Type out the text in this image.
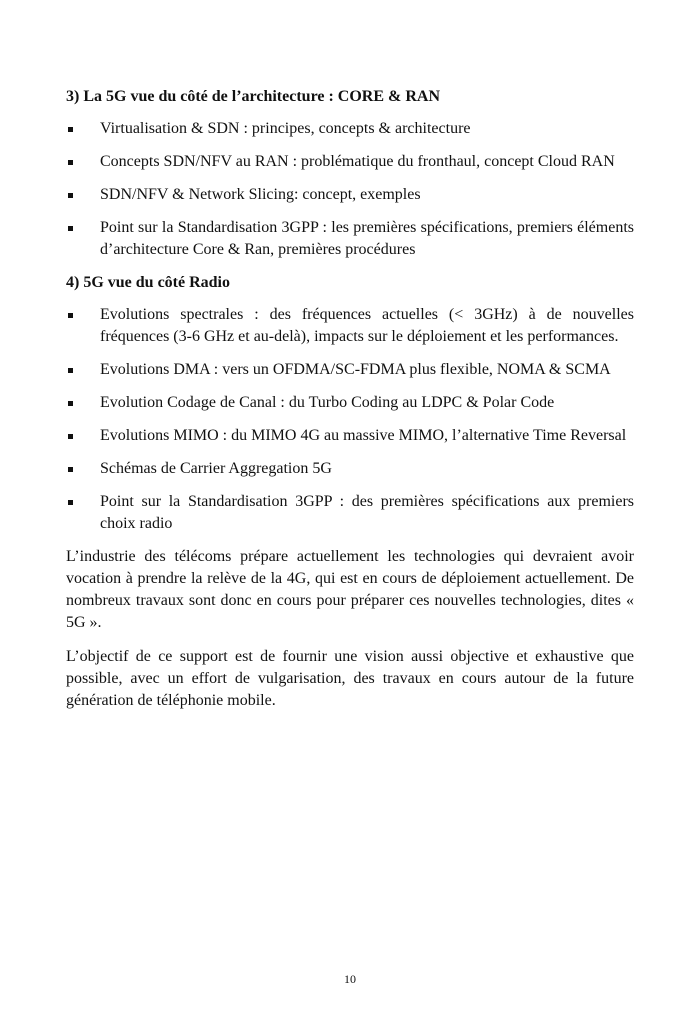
3) La 5G vue du côté de l’architecture : CORE & RAN
Virtualisation & SDN : principes, concepts & architecture
Concepts SDN/NFV au RAN : problématique du fronthaul, concept Cloud RAN
SDN/NFV & Network Slicing: concept, exemples
Point sur la Standardisation 3GPP : les premières spécifications, premiers éléments d’architecture Core & Ran, premières procédures
4) 5G vue du côté Radio
Evolutions spectrales : des fréquences actuelles (< 3GHz) à de nouvelles fréquences (3-6 GHz et au-delà), impacts sur le déploiement et les performances.
Evolutions DMA : vers un OFDMA/SC-FDMA plus flexible, NOMA & SCMA
Evolution Codage de Canal : du Turbo Coding au LDPC & Polar Code
Evolutions MIMO : du MIMO 4G au massive MIMO, l’alternative Time Reversal
Schémas de Carrier Aggregation 5G
Point sur la Standardisation 3GPP : des premières spécifications aux premiers choix radio

L’industrie des télécoms prépare actuellement les technologies qui devraient avoir vocation à prendre la relève de la 4G, qui est en cours de déploiement actuellement. De nombreux travaux sont donc en cours pour préparer ces nouvelles technologies, dites « 5G ».

L’objectif de ce support est de fournir une vision aussi objective et exhaustive que possible, avec un effort de vulgarisation, des travaux en cours autour de la future génération de téléphonie mobile.

10
